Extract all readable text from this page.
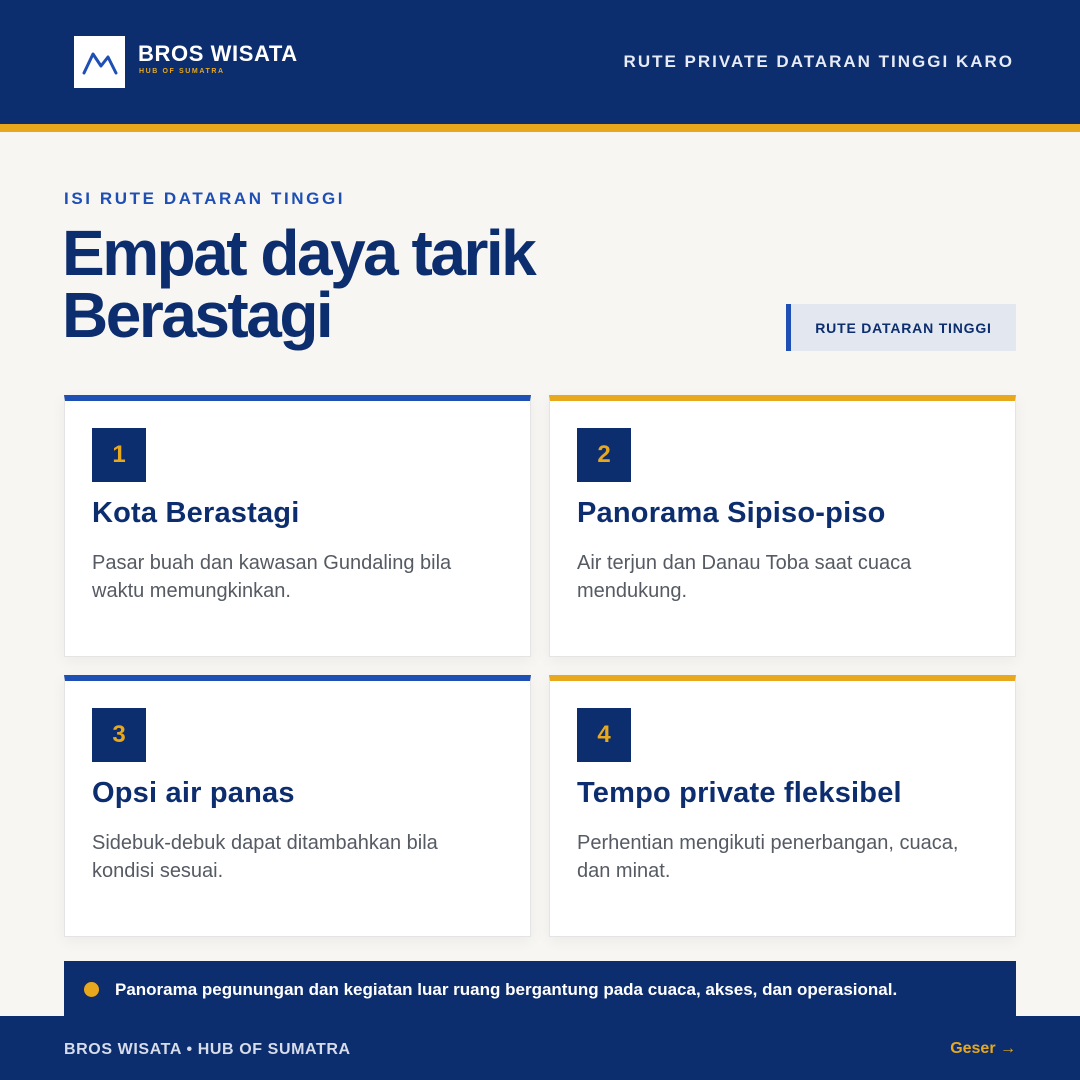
BROS WISATA
HUB OF SUMATRA
RUTE PRIVATE DATARAN TINGGI KARO
ISI RUTE DATARAN TINGGI
Empat daya tarik
Berastagi	RUTE DATARAN TINGGI
1
Kota Berastagi
Pasar buah dan kawasan Gundaling bila waktu memungkinkan.
2
Panorama Sipiso-piso
Air terjun dan Danau Toba saat cuaca mendukung.
3
Opsi air panas
Sidebuk-debuk dapat ditambahkan bila kondisi sesuai.
4
Tempo private fleksibel
Perhentian mengikuti penerbangan, cuaca, dan minat.
Panorama pegunungan dan kegiatan luar ruang bergantung pada cuaca, akses, dan operasional.
BROS WISATA • HUB OF SUMATRA	Geser →
